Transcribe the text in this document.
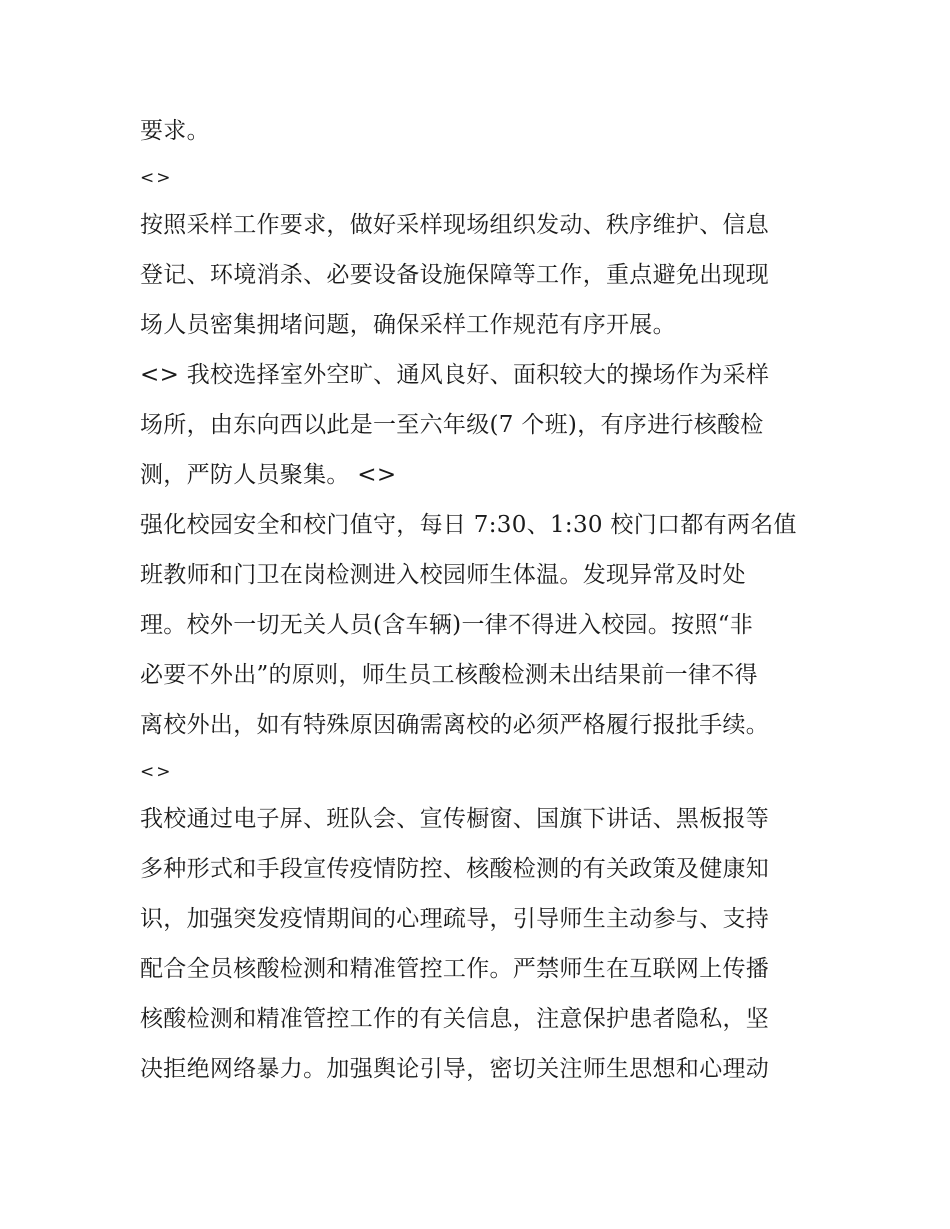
要求。
<>
按照采样工作要求，做好采样现场组织发动、秩序维护、信息
登记、环境消杀、必要设备设施保障等工作，重点避免出现现
场人员密集拥堵问题，确保采样工作规范有序开展。
<> 我校选择室外空旷、通风良好、面积较大的操场作为采样
场所，由东向西以此是一至六年级(7 个班)，有序进行核酸检
测，严防人员聚集。 <>
强化校园安全和校门值守，每日 7:30、1:30 校门口都有两名值
班教师和门卫在岗检测进入校园师生体温。发现异常及时处
理。校外一切无关人员(含车辆)一律不得进入校园。按照“非
必要不外出”的原则，师生员工核酸检测未出结果前一律不得
离校外出，如有特殊原因确需离校的必须严格履行报批手续。
<>
我校通过电子屏、班队会、宣传橱窗、国旗下讲话、黑板报等
多种形式和手段宣传疫情防控、核酸检测的有关政策及健康知
识，加强突发疫情期间的心理疏导，引导师生主动参与、支持
配合全员核酸检测和精准管控工作。严禁师生在互联网上传播
核酸检测和精准管控工作的有关信息，注意保护患者隐私，坚
决拒绝网络暴力。加强舆论引导，密切关注师生思想和心理动
